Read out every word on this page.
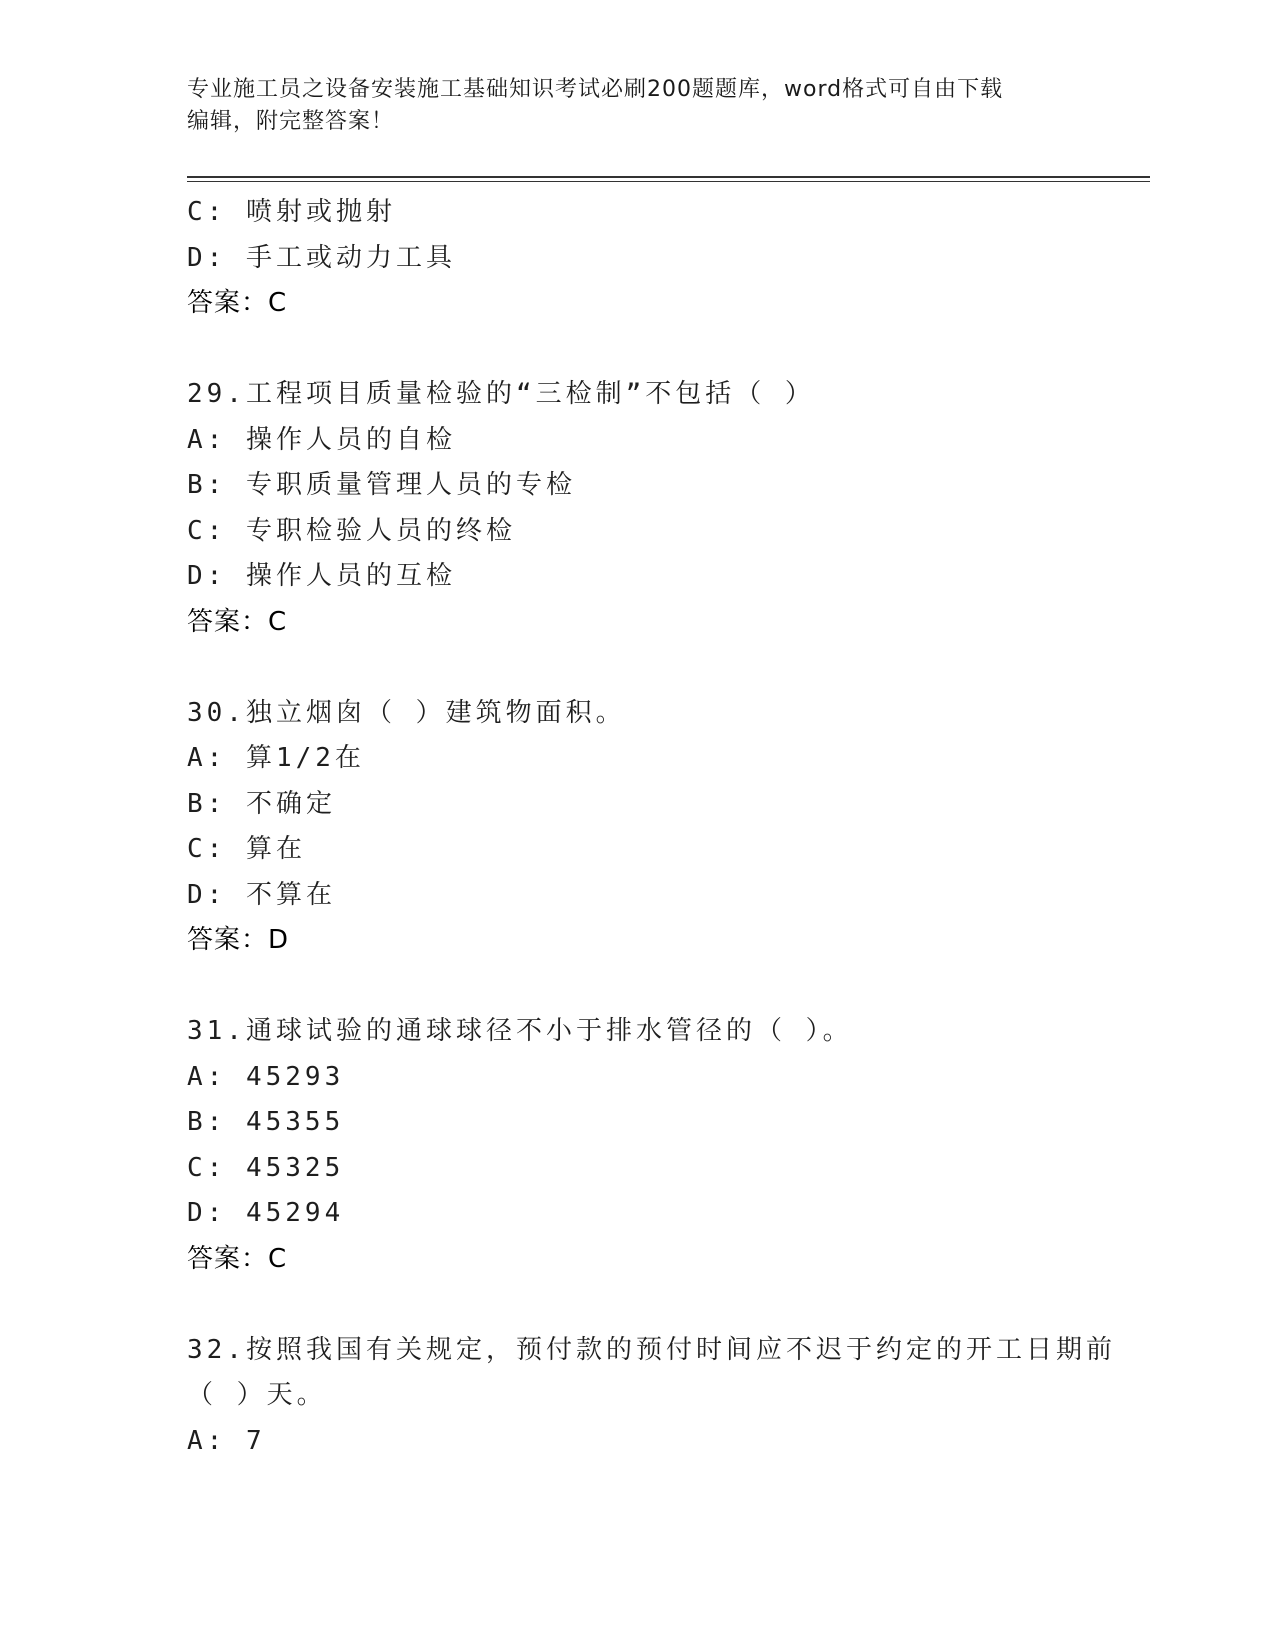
专业施工员之设备安装施工基础知识考试必刷200题题库，word格式可自由下载
编辑，附完整答案！
C: 喷射或抛射
D: 手工或动力工具
答案：C
29.工程项目质量检验的“三检制”不包括（ ）
A: 操作人员的自检
B: 专职质量管理人员的专检
C: 专职检验人员的终检
D: 操作人员的互检
答案：C
30.独立烟囱（ ）建筑物面积。
A: 算1/2在
B: 不确定
C: 算在
D: 不算在
答案：D
31.通球试验的通球球径不小于排水管径的（ ）。
A: 45293
B: 45355
C: 45325
D: 45294
答案：C
32.按照我国有关规定，预付款的预付时间应不迟于约定的开工日期前
（ ）天。
A: 7
